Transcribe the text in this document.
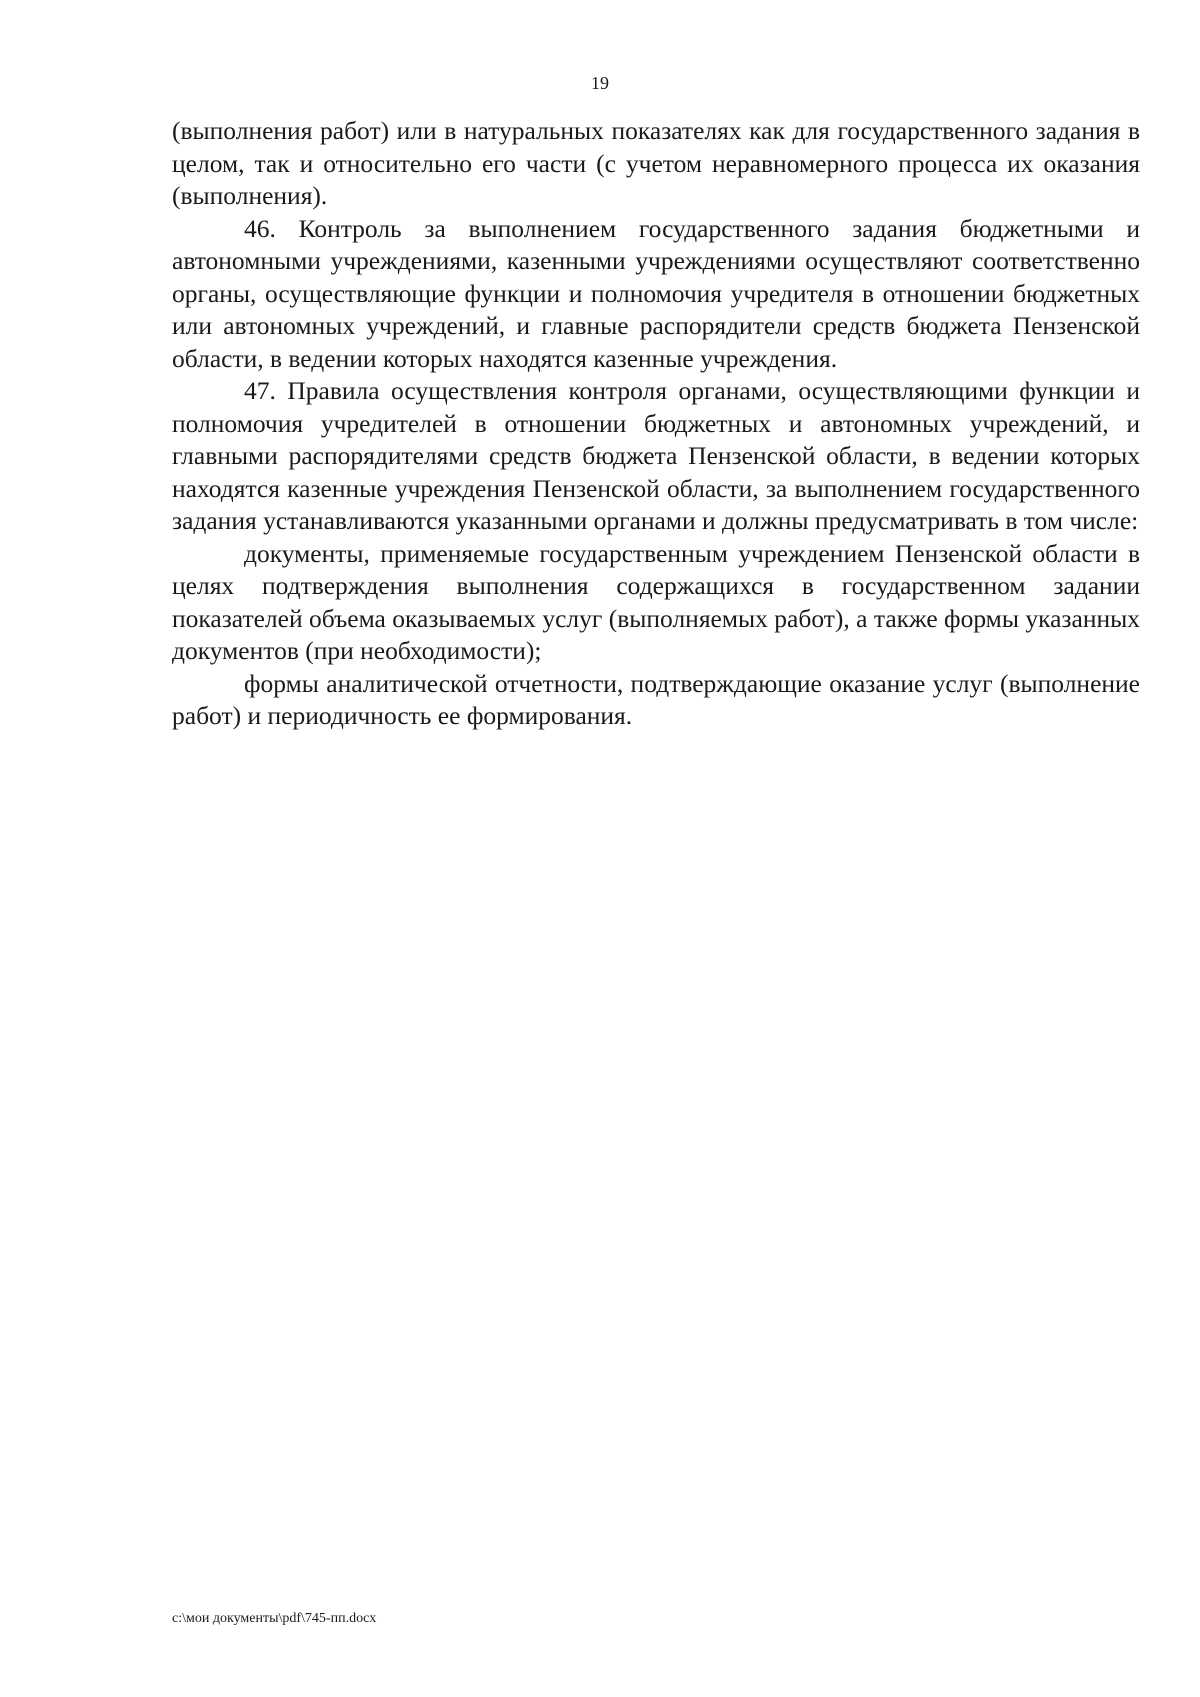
19

(выполнения работ) или в натуральных показателях как для государственного задания в целом, так и относительно его части (с учетом неравномерного процесса их оказания (выполнения).

46. Контроль за выполнением государственного задания бюджетными и автономными учреждениями, казенными учреждениями осуществляют соответственно органы, осуществляющие функции и полномочия учредителя в отношении бюджетных или автономных учреждений, и главные распорядители средств бюджета Пензенской области, в ведении которых находятся казенные учреждения.

47. Правила осуществления контроля органами, осуществляющими функции и полномочия учредителей в отношении бюджетных и автономных учреждений, и главными распорядителями средств бюджета Пензенской области, в ведении которых находятся казенные учреждения Пензенской области, за выполнением государственного задания устанавливаются указанными органами и должны предусматривать в том числе:

документы, применяемые государственным учреждением Пензенской области в целях подтверждения выполнения содержащихся в государственном задании показателей объема оказываемых услуг (выполняемых работ), а также формы указанных документов (при необходимости);

формы аналитической отчетности, подтверждающие оказание услуг (выполнение работ) и периодичность ее формирования.

c:\мои документы\pdf\745-пп.docx
